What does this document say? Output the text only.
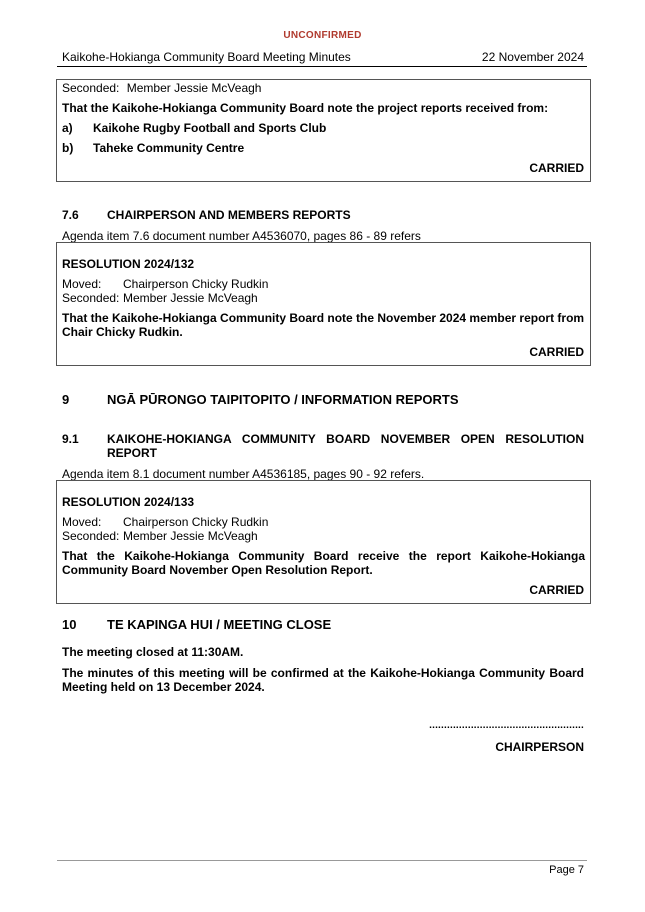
UNCONFIRMED
Kaikohe-Hokianga Community Board Meeting Minutes	22 November 2024
Seconded: Member Jessie McVeagh
That the Kaikohe-Hokianga Community Board note the project reports received from:
a) Kaikohe Rugby Football and Sports Club
b) Taheke Community Centre
CARRIED
7.6 CHAIRPERSON AND MEMBERS REPORTS
Agenda item 7.6 document number A4536070, pages 86 - 89 refers
RESOLUTION 2024/132
Moved: Chairperson Chicky Rudkin
Seconded: Member Jessie McVeagh
That the Kaikohe-Hokianga Community Board note the November 2024 member report from
Chair Chicky Rudkin.
CARRIED
9	NGĀ PŪRONGO TAIPITOPITO / INFORMATION REPORTS
9.1 KAIKOHE-HOKIANGA COMMUNITY BOARD NOVEMBER OPEN RESOLUTION
REPORT
Agenda item 8.1 document number A4536185, pages 90 - 92 refers.
RESOLUTION 2024/133
Moved: Chairperson Chicky Rudkin
Seconded: Member Jessie McVeagh
That the Kaikohe-Hokianga Community Board receive the report Kaikohe-Hokianga
Community Board November Open Resolution Report.
CARRIED
10 TE KAPINGA HUI / MEETING CLOSE
The meeting closed at 11:30AM.
The minutes of this meeting will be confirmed at the Kaikohe-Hokianga Community Board
Meeting held on 13 December 2024.
....................................................
CHAIRPERSON
Page 7
